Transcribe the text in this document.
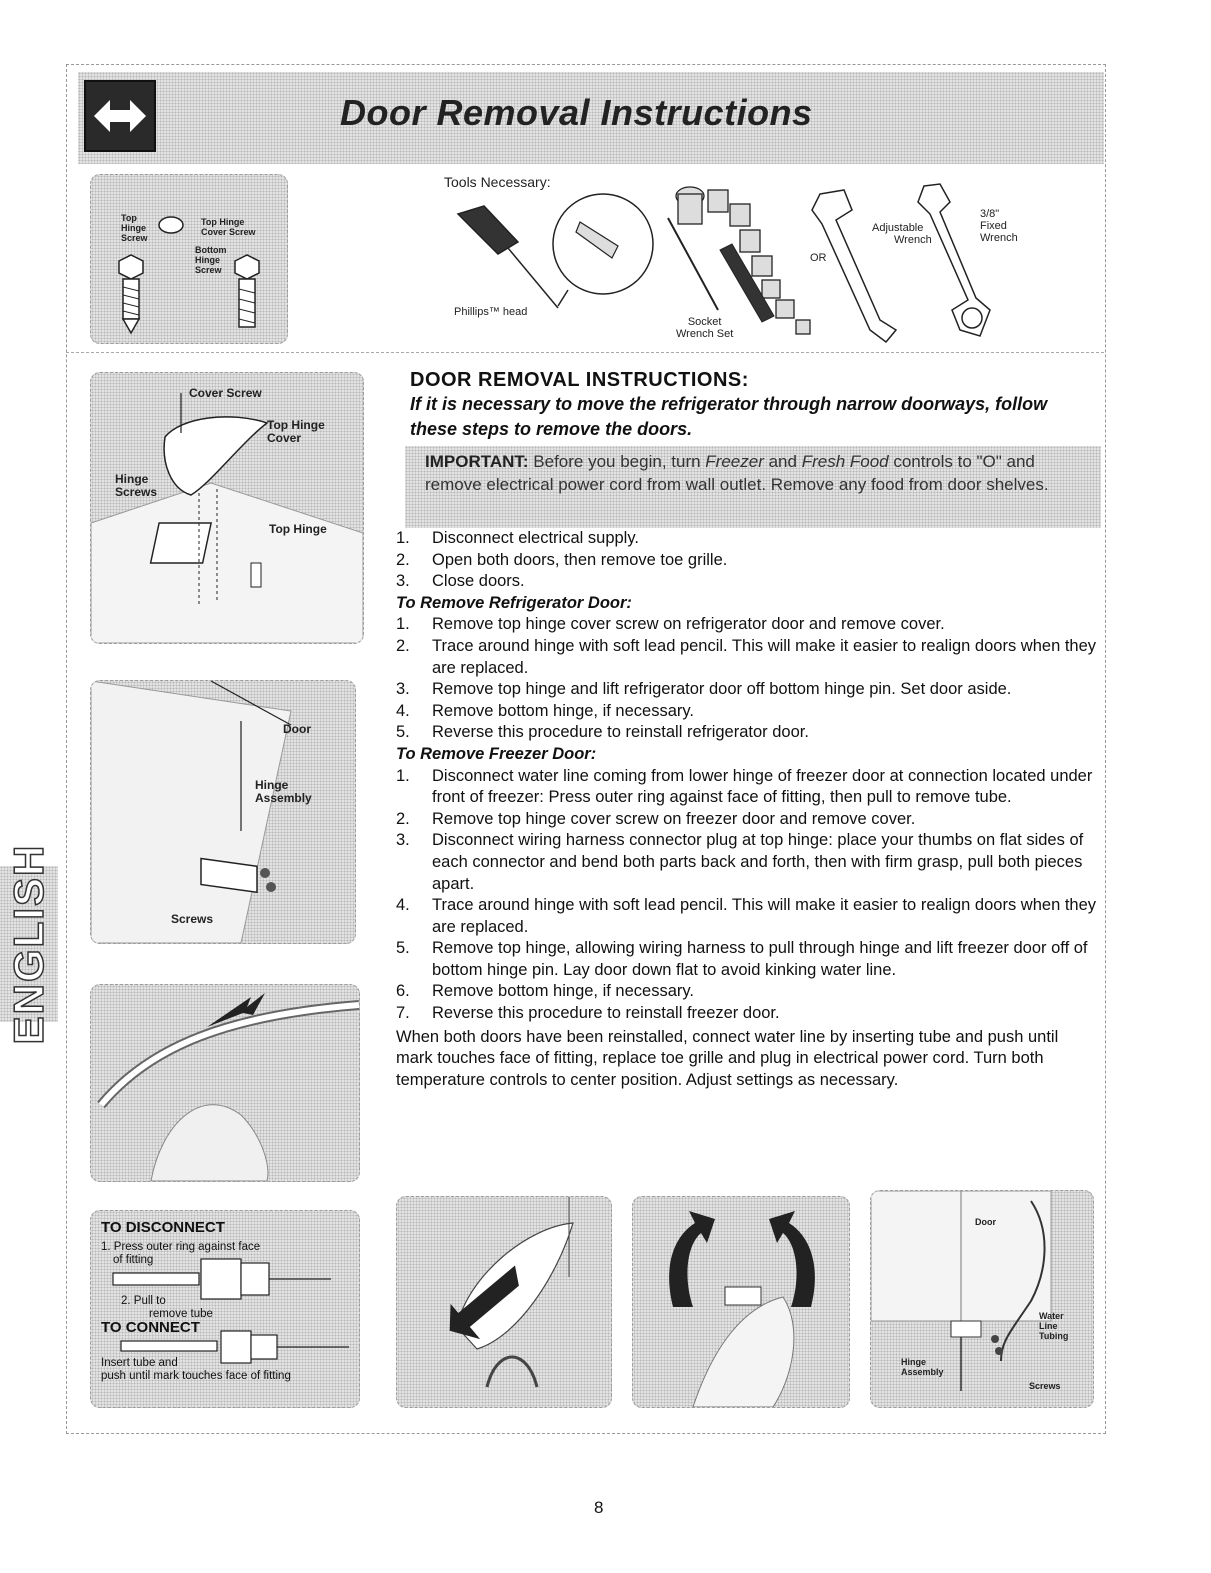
Door Removal Instructions
Top
Hinge
Screw
Top Hinge
Cover Screw
Bottom
Hinge
Screw
Tools Necessary:
Phillips™ head
Socket
Wrench Set
OR
Adjustable
Wrench
3/8"
Fixed
Wrench
Cover Screw
Top Hinge
Cover
Hinge
Screws
Top Hinge
Door
Hinge
Assembly
Screws
TO DISCONNECT
1. Press outer ring against face
of fitting
2. Pull to
remove tube
TO CONNECT
Insert tube and
push until mark touches face of fitting
Door
Water
Line
Tubing
Hinge
Assembly
Screws
ENGLISH
DOOR REMOVAL INSTRUCTIONS:
If it is necessary to move the refrigerator through narrow doorways, follow these steps to remove the doors.
IMPORTANT: Before you begin, turn Freezer and Fresh Food controls to "O" and remove electrical power cord from wall outlet. Remove any food from door shelves.
1. Disconnect electrical supply.
2. Open both doors, then remove toe grille.
3. Close doors.
To Remove Refrigerator Door:
1. Remove top hinge cover screw on refrigerator door and remove cover.
2. Trace around hinge with soft lead pencil. This will make it easier to realign doors when they are replaced.
3. Remove top hinge and lift refrigerator door off bottom hinge pin. Set door aside.
4. Remove bottom hinge, if necessary.
5. Reverse this procedure to reinstall refrigerator door.
To Remove Freezer Door:
1. Disconnect water line coming from lower hinge of freezer door at connection located under front of freezer: Press outer ring against face of fitting, then pull to remove tube.
2. Remove top hinge cover screw on freezer door and remove cover.
3. Disconnect wiring harness connector plug at top hinge: place your thumbs on flat sides of each connector and bend both parts back and forth, then with firm grasp, pull both pieces apart.
4. Trace around hinge with soft lead pencil. This will make it easier to realign doors when they are replaced.
5. Remove top hinge, allowing wiring harness to pull through hinge and lift freezer door off of bottom hinge pin. Lay door down flat to avoid kinking water line.
6. Remove bottom hinge, if necessary.
7. Reverse this procedure to reinstall freezer door.
When both doors have been reinstalled, connect water line by inserting tube and push until mark touches face of fitting, replace toe grille and plug in electrical power cord. Turn both temperature controls to center position. Adjust settings as necessary.
8
